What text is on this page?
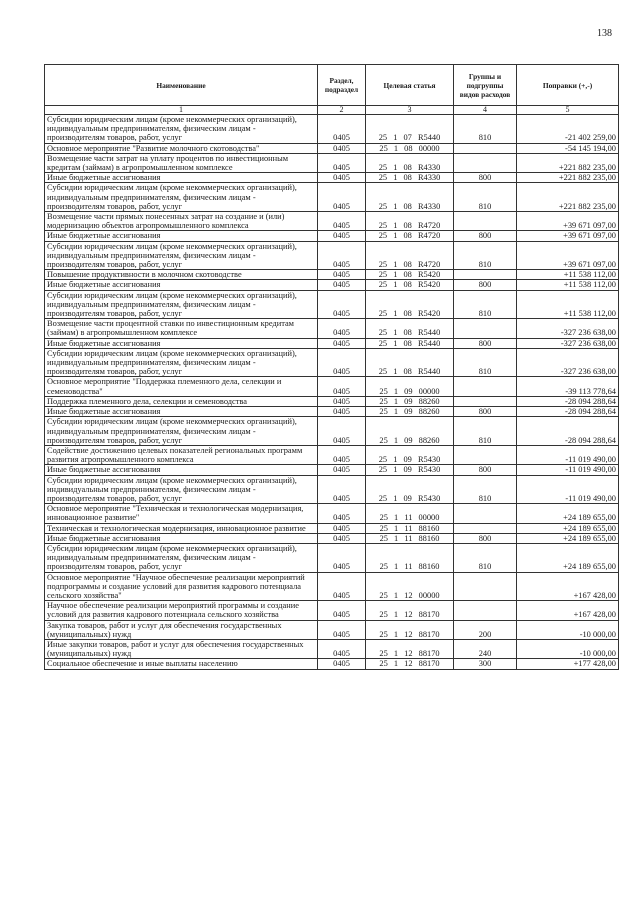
138
Наименование	Раздел, подраздел	Целевая статья	Группы и подгруппы видов расходов	Поправки (+,-)
1	2	3	4	5
Субсидии юридическим лицам (кроме некоммерческих организаций), индивидуальным предпринимателям, физическим лицам - производителям товаров, работ, услуг	0405	25 1 07 R5440	810	-21 402 259,00
Основное мероприятие "Развитие молочного скотоводства"	0405	25 1 08 00000		-54 145 194,00
Возмещение части затрат на уплату процентов по инвестиционным кредитам (займам) в агропромышленном комплексе	0405	25 1 08 R4330		+221 882 235,00
Иные бюджетные ассигнования	0405	25 1 08 R4330	800	+221 882 235,00
Субсидии юридическим лицам (кроме некоммерческих организаций), индивидуальным предпринимателям, физическим лицам - производителям товаров, работ, услуг	0405	25 1 08 R4330	810	+221 882 235,00
Возмещение части прямых понесенных затрат на создание и (или) модернизацию объектов агропромышленного комплекса	0405	25 1 08 R4720		+39 671 097,00
Иные бюджетные ассигнования	0405	25 1 08 R4720	800	+39 671 097,00
Субсидии юридическим лицам (кроме некоммерческих организаций), индивидуальным предпринимателям, физическим лицам - производителям товаров, работ, услуг	0405	25 1 08 R4720	810	+39 671 097,00
Повышение продуктивности в молочном скотоводстве	0405	25 1 08 R5420		+11 538 112,00
Иные бюджетные ассигнования	0405	25 1 08 R5420	800	+11 538 112,00
Субсидии юридическим лицам (кроме некоммерческих организаций), индивидуальным предпринимателям, физическим лицам - производителям товаров, работ, услуг	0405	25 1 08 R5420	810	+11 538 112,00
Возмещение части процентной ставки по инвестиционным кредитам (займам) в агропромышленном комплексе	0405	25 1 08 R5440		-327 236 638,00
Иные бюджетные ассигнования	0405	25 1 08 R5440	800	-327 236 638,00
Субсидии юридическим лицам (кроме некоммерческих организаций), индивидуальным предпринимателям, физическим лицам - производителям товаров, работ, услуг	0405	25 1 08 R5440	810	-327 236 638,00
Основное мероприятие "Поддержка племенного дела, селекции и семеноводства"	0405	25 1 09 00000		-39 113 778,64
Поддержка племенного дела, селекции и семеноводства	0405	25 1 09 88260		-28 094 288,64
Иные бюджетные ассигнования	0405	25 1 09 88260	800	-28 094 288,64
Субсидии юридическим лицам (кроме некоммерческих организаций), индивидуальным предпринимателям, физическим лицам - производителям товаров, работ, услуг	0405	25 1 09 88260	810	-28 094 288,64
Содействие достижению целевых показателей региональных программ развития агропромышленного комплекса	0405	25 1 09 R5430		-11 019 490,00
Иные бюджетные ассигнования	0405	25 1 09 R5430	800	-11 019 490,00
Субсидии юридическим лицам (кроме некоммерческих организаций), индивидуальным предпринимателям, физическим лицам - производителям товаров, работ, услуг	0405	25 1 09 R5430	810	-11 019 490,00
Основное мероприятие "Техническая и технологическая модернизация, инновационное развитие"	0405	25 1 11 00000		+24 189 655,00
Техническая и технологическая модернизация, инновационное развитие	0405	25 1 11 88160		+24 189 655,00
Иные бюджетные ассигнования	0405	25 1 11 88160	800	+24 189 655,00
Субсидии юридическим лицам (кроме некоммерческих организаций), индивидуальным предпринимателям, физическим лицам - производителям товаров, работ, услуг	0405	25 1 11 88160	810	+24 189 655,00
Основное мероприятие "Научное обеспечение реализации мероприятий подпрограммы и создание условий для развития кадрового потенциала сельского хозяйства"	0405	25 1 12 00000		+167 428,00
Научное обеспечение реализации мероприятий программы и создание условий для развития кадрового потенциала сельского хозяйства	0405	25 1 12 88170		+167 428,00
Закупка товаров, работ и услуг для обеспечения государственных (муниципальных) нужд	0405	25 1 12 88170	200	-10 000,00
Иные закупки товаров, работ и услуг для обеспечения государственных (муниципальных) нужд	0405	25 1 12 88170	240	-10 000,00
Социальное обеспечение и иные выплаты населению	0405	25 1 12 88170	300	+177 428,00
